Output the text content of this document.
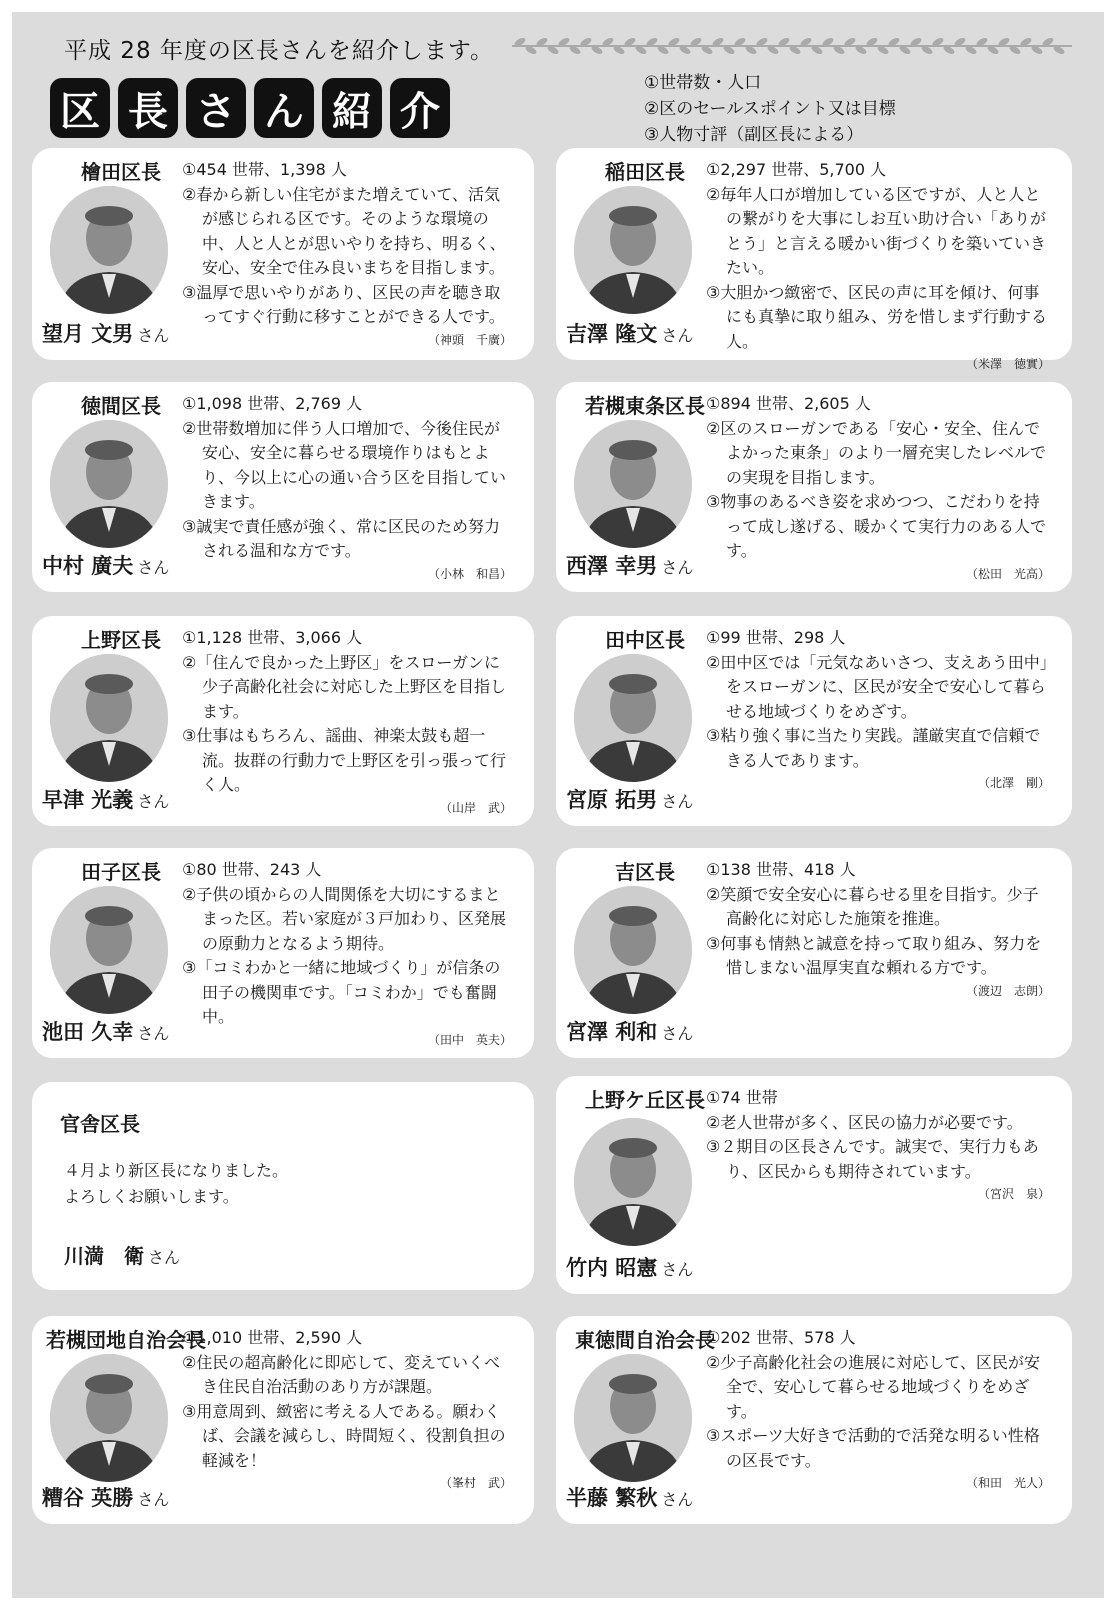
平成 28 年度の区長さんを紹介します。
区 長 さ ん 紹 介
①世帯数・人口
②区のセールスポイント又は目標
③人物寸評（副区長による）
檜田区長
望月 文男 さん

①454 世帯、1,398 人

②春から新しい住宅がまた増えていて、活気が感じられる区です。そのような環境の中、人と人とが思いやりを持ち、明るく、安心、安全で住み良いまちを目指します。

③温厚で思いやりがあり、区民の声を聴き取ってすぐ行動に移すことができる人です。

（神頭　千廣）

稲田区長
吉澤 隆文 さん

①2,297 世帯、5,700 人

②毎年人口が増加している区ですが、人と人との繋がりを大事にしお互い助け合い「ありがとう」と言える暖かい街づくりを築いていきたい。

③大胆かつ緻密で、区民の声に耳を傾け、何事にも真摯に取り組み、労を惜しまず行動する人。

（米澤　徳實）

徳間区長
中村 廣夫 さん

①1,098 世帯、2,769 人

②世帯数増加に伴う人口増加で、今後住民が安心、安全に暮らせる環境作りはもとより、今以上に心の通い合う区を目指していきます。

③誠実で責任感が強く、常に区民のため努力される温和な方です。

（小林　和昌）

若槻東条区長
西澤 幸男 さん

①894 世帯、2,605 人

②区のスローガンである「安心・安全、住んでよかった東条」のより一層充実したレベルでの実現を目指します。

③物事のあるべき姿を求めつつ、こだわりを持って成し遂げる、暖かくて実行力のある人です。

（松田　光高）

上野区長
早津 光義 さん

①1,128 世帯、3,066 人

②「住んで良かった上野区」をスローガンに少子高齢化社会に対応した上野区を目指します。

③仕事はもちろん、謡曲、神楽太鼓も超一流。抜群の行動力で上野区を引っ張って行く人。

（山岸　武）

田中区長
宮原 拓男 さん

①99 世帯、298 人

②田中区では「元気なあいさつ、支えあう田中」をスローガンに、区民が安全で安心して暮らせる地域づくりをめざす。

③粘り強く事に当たり実践。謹厳実直で信頼できる人であります。

（北澤　剛）

田子区長
池田 久幸 さん

①80 世帯、243 人

②子供の頃からの人間関係を大切にするまとまった区。若い家庭が３戸加わり、区発展の原動力となるよう期待。

③「コミわかと一緒に地域づくり」が信条の田子の機関車です。「コミわか」でも奮闘中。

（田中　英夫）

吉区長
宮澤 利和 さん

①138 世帯、418 人

②笑顔で安全安心に暮らせる里を目指す。少子高齢化に対応した施策を推進。

③何事も情熱と誠意を持って取り組み、努力を惜しまない温厚実直な頼れる方です。

（渡辺　志朗）

上野ケ丘区長
竹内 昭憲 さん

①74 世帯

②老人世帯が多く、区民の協力が必要です。

③２期目の区長さんです。誠実で、実行力もあり、区民からも期待されています。

（宮沢　泉）

若槻団地自治会長
糟谷 英勝 さん

①1,010 世帯、2,590 人

②住民の超高齢化に即応して、変えていくべき住民自治活動のあり方が課題。

③用意周到、緻密に考える人である。願わくば、会議を減らし、時間短く、役割負担の軽減を！

（峯村　武）

東徳間自治会長
半藤 繁秋 さん

①202 世帯、578 人

②少子高齢化社会の進展に対応して、区民が安全で、安心して暮らせる地域づくりをめざす。

③スポーツ大好きで活動的で活発な明るい性格の区長です。

（和田　光人）

官舎区長
４月より新区長になりました。
よろしくお願いします。
川満　衛 さん
